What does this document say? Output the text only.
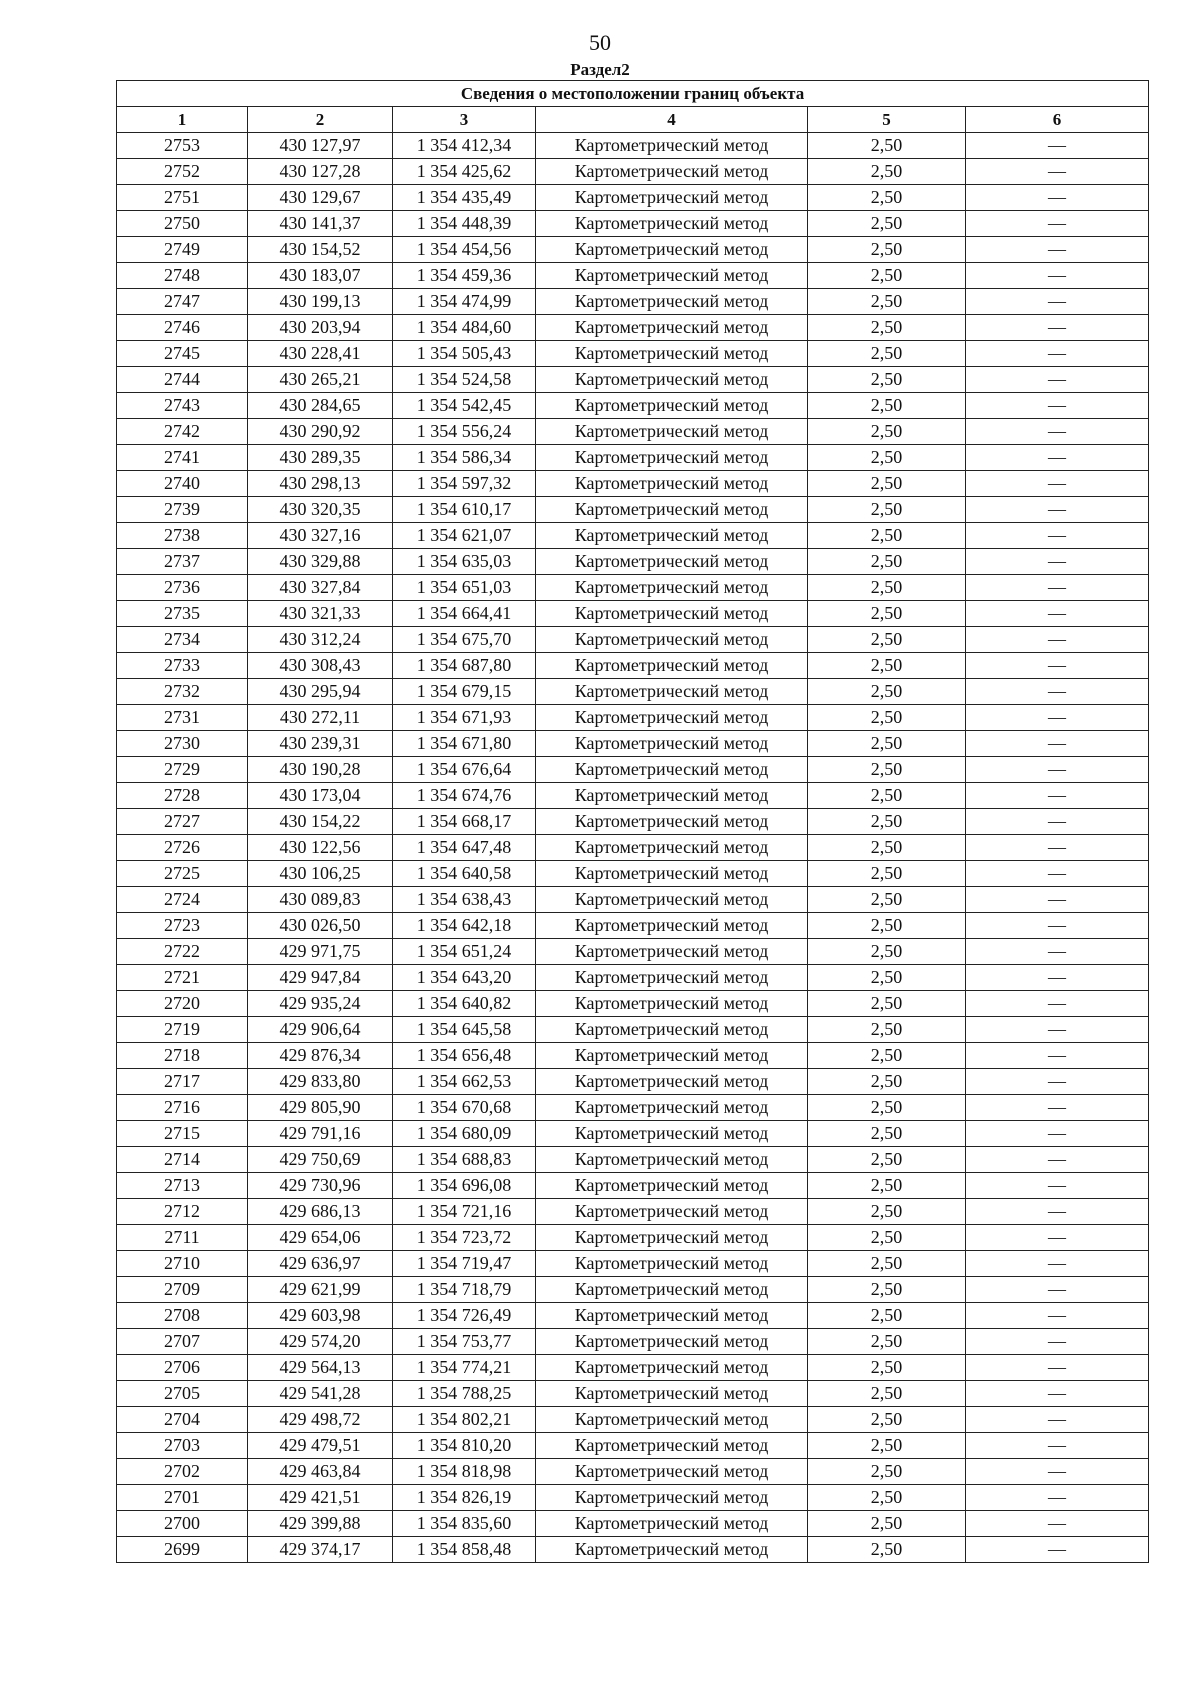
50
Раздел2
Сведения о местоположении границ объекта					
1	2	3	4	5	6
2753	430 127,97	1 354 412,34	Картометрический метод	2,50	—
2752	430 127,28	1 354 425,62	Картометрический метод	2,50	—
2751	430 129,67	1 354 435,49	Картометрический метод	2,50	—
2750	430 141,37	1 354 448,39	Картометрический метод	2,50	—
2749	430 154,52	1 354 454,56	Картометрический метод	2,50	—
2748	430 183,07	1 354 459,36	Картометрический метод	2,50	—
2747	430 199,13	1 354 474,99	Картометрический метод	2,50	—
2746	430 203,94	1 354 484,60	Картометрический метод	2,50	—
2745	430 228,41	1 354 505,43	Картометрический метод	2,50	—
2744	430 265,21	1 354 524,58	Картометрический метод	2,50	—
2743	430 284,65	1 354 542,45	Картометрический метод	2,50	—
2742	430 290,92	1 354 556,24	Картометрический метод	2,50	—
2741	430 289,35	1 354 586,34	Картометрический метод	2,50	—
2740	430 298,13	1 354 597,32	Картометрический метод	2,50	—
2739	430 320,35	1 354 610,17	Картометрический метод	2,50	—
2738	430 327,16	1 354 621,07	Картометрический метод	2,50	—
2737	430 329,88	1 354 635,03	Картометрический метод	2,50	—
2736	430 327,84	1 354 651,03	Картометрический метод	2,50	—
2735	430 321,33	1 354 664,41	Картометрический метод	2,50	—
2734	430 312,24	1 354 675,70	Картометрический метод	2,50	—
2733	430 308,43	1 354 687,80	Картометрический метод	2,50	—
2732	430 295,94	1 354 679,15	Картометрический метод	2,50	—
2731	430 272,11	1 354 671,93	Картометрический метод	2,50	—
2730	430 239,31	1 354 671,80	Картометрический метод	2,50	—
2729	430 190,28	1 354 676,64	Картометрический метод	2,50	—
2728	430 173,04	1 354 674,76	Картометрический метод	2,50	—
2727	430 154,22	1 354 668,17	Картометрический метод	2,50	—
2726	430 122,56	1 354 647,48	Картометрический метод	2,50	—
2725	430 106,25	1 354 640,58	Картометрический метод	2,50	—
2724	430 089,83	1 354 638,43	Картометрический метод	2,50	—
2723	430 026,50	1 354 642,18	Картометрический метод	2,50	—
2722	429 971,75	1 354 651,24	Картометрический метод	2,50	—
2721	429 947,84	1 354 643,20	Картометрический метод	2,50	—
2720	429 935,24	1 354 640,82	Картометрический метод	2,50	—
2719	429 906,64	1 354 645,58	Картометрический метод	2,50	—
2718	429 876,34	1 354 656,48	Картометрический метод	2,50	—
2717	429 833,80	1 354 662,53	Картометрический метод	2,50	—
2716	429 805,90	1 354 670,68	Картометрический метод	2,50	—
2715	429 791,16	1 354 680,09	Картометрический метод	2,50	—
2714	429 750,69	1 354 688,83	Картометрический метод	2,50	—
2713	429 730,96	1 354 696,08	Картометрический метод	2,50	—
2712	429 686,13	1 354 721,16	Картометрический метод	2,50	—
2711	429 654,06	1 354 723,72	Картометрический метод	2,50	—
2710	429 636,97	1 354 719,47	Картометрический метод	2,50	—
2709	429 621,99	1 354 718,79	Картометрический метод	2,50	—
2708	429 603,98	1 354 726,49	Картометрический метод	2,50	—
2707	429 574,20	1 354 753,77	Картометрический метод	2,50	—
2706	429 564,13	1 354 774,21	Картометрический метод	2,50	—
2705	429 541,28	1 354 788,25	Картометрический метод	2,50	—
2704	429 498,72	1 354 802,21	Картометрический метод	2,50	—
2703	429 479,51	1 354 810,20	Картометрический метод	2,50	—
2702	429 463,84	1 354 818,98	Картометрический метод	2,50	—
2701	429 421,51	1 354 826,19	Картометрический метод	2,50	—
2700	429 399,88	1 354 835,60	Картометрический метод	2,50	—
2699	429 374,17	1 354 858,48	Картометрический метод	2,50	—
